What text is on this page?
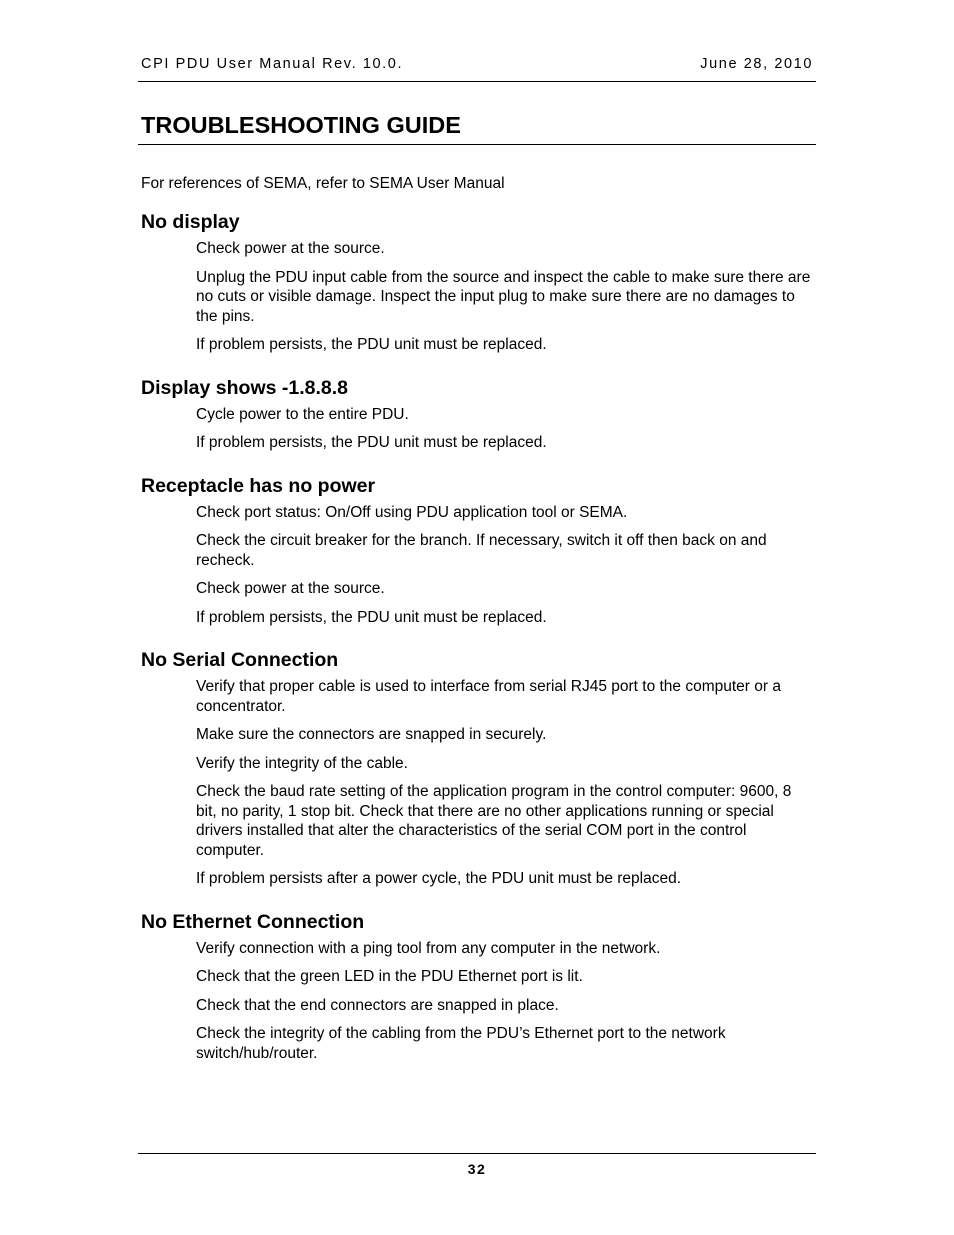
CPI PDU User Manual Rev. 10.0.	June 28, 2010
TROUBLESHOOTING GUIDE
For references of SEMA, refer to SEMA User Manual
No display

Check power at the source.

Unplug the PDU input cable from the source and inspect the cable to make sure there are no cuts or visible damage. Inspect the input plug to make sure there are no damages to the pins.

If problem persists, the PDU unit must be replaced.

Display shows -1.8.8.8

Cycle power to the entire PDU.

If problem persists, the PDU unit must be replaced.

Receptacle has no power

Check port status: On/Off using PDU application tool or SEMA.

Check the circuit breaker for the branch. If necessary, switch it off then back on and recheck.

Check power at the source.

If problem persists, the PDU unit must be replaced.

No Serial Connection

Verify that proper cable is used to interface from serial RJ45 port to the computer or a concentrator.

Make sure the connectors are snapped in securely.

Verify the integrity of the cable.

Check the baud rate setting of the application program in the control computer: 9600, 8 bit, no parity, 1 stop bit. Check that there are no other applications running or special drivers installed that alter the characteristics of the serial COM port in the control computer.

If problem persists after a power cycle, the PDU unit must be replaced.

No Ethernet Connection

Verify connection with a ping tool from any computer in the network.

Check that the green LED in the PDU Ethernet port is lit.

Check that the end connectors are snapped in place.

Check the integrity of the cabling from the PDU’s Ethernet port to the network switch/hub/router.

32
